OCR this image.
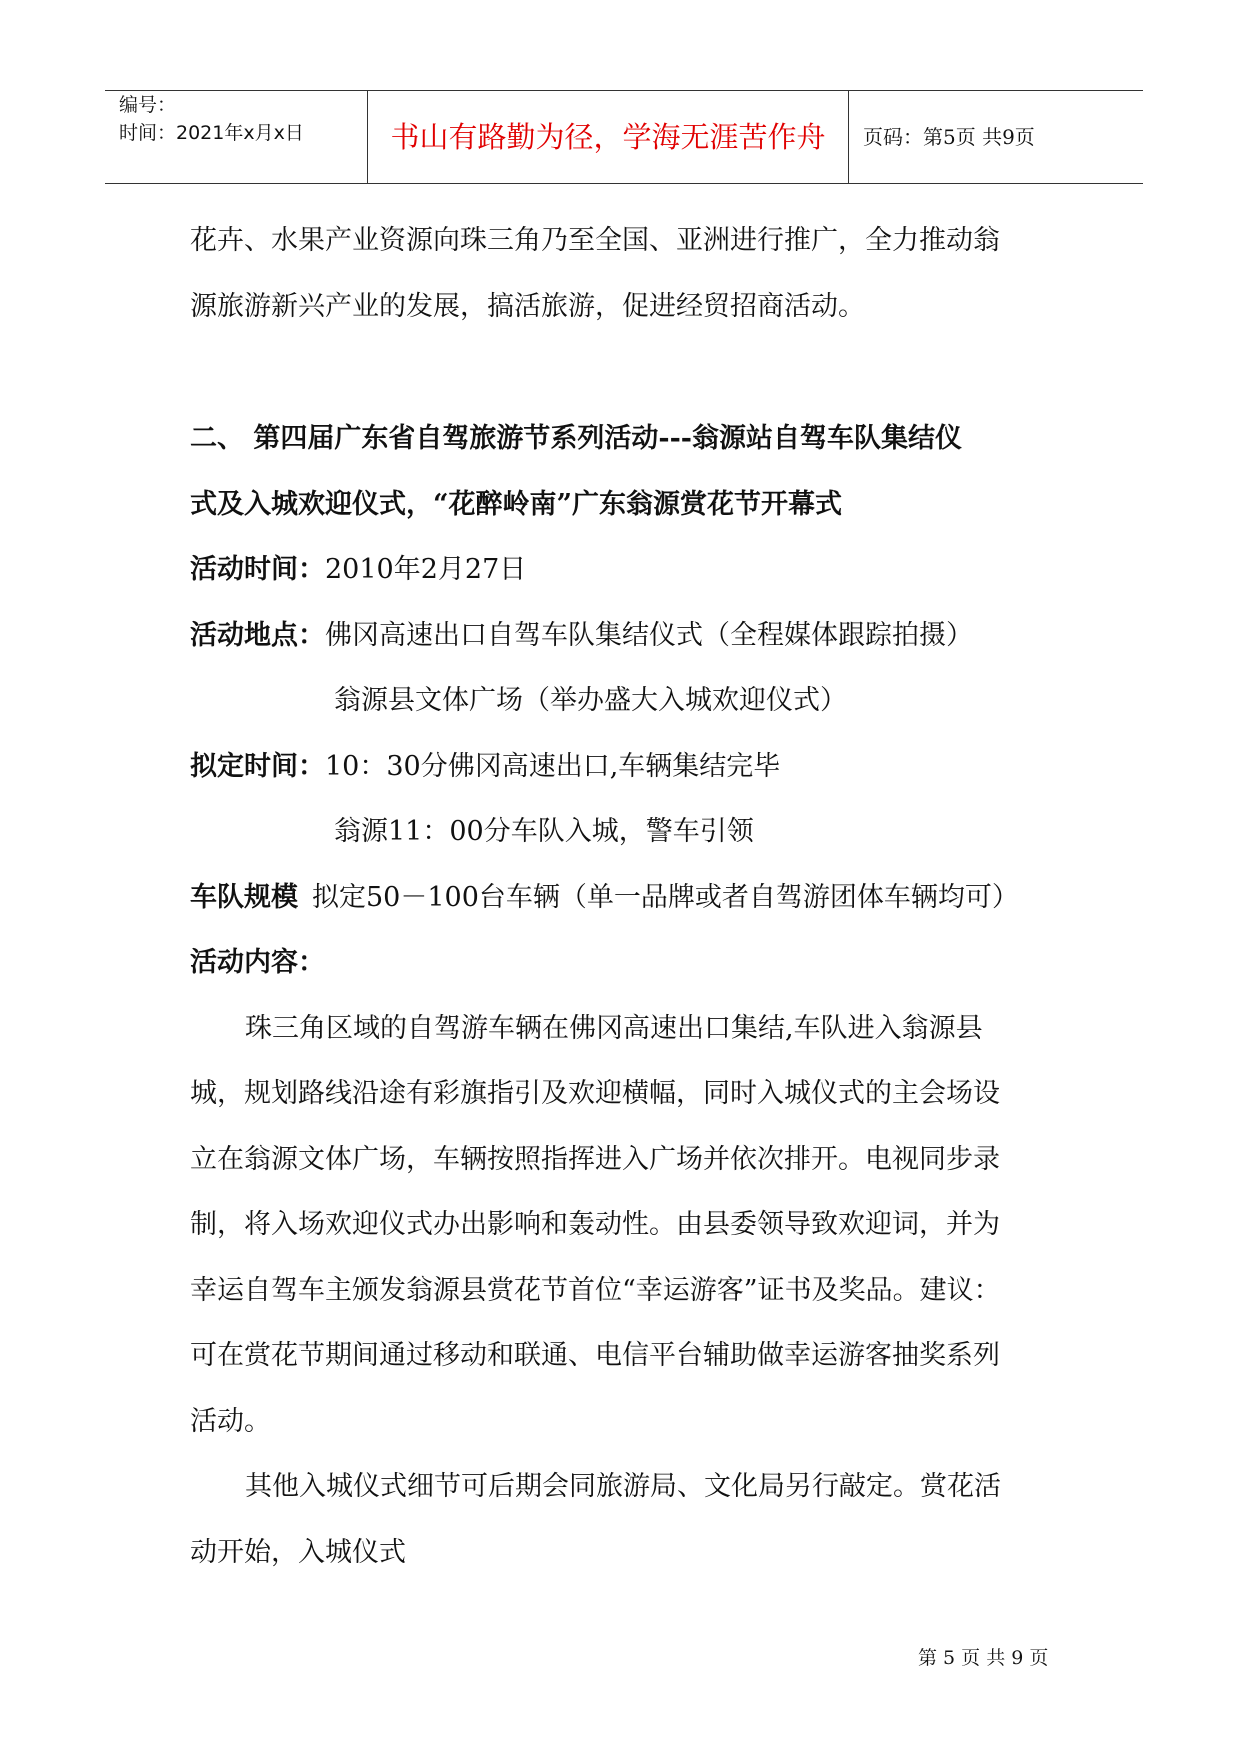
编号：
时间：2021年x月x日	书山有路勤为径，学海无涯苦作舟	页码：第5页 共9页
花卉、水果产业资源向珠三角乃至全国、亚洲进行推广，全力推动翁
源旅游新兴产业的发展，搞活旅游，促进经贸招商活动。
二、 第四届广东省自驾旅游节系列活动---翁源站自驾车队集结仪
式及入城欢迎仪式，“花醉岭南”广东翁源赏花节开幕式
活动时间：2010年2月27日
活动地点：佛冈高速出口自驾车队集结仪式（全程媒体跟踪拍摄）
翁源县文体广场（举办盛大入城欢迎仪式）
拟定时间：10：30分佛冈高速出口,车辆集结完毕
翁源11：00分车队入城，警车引领
车队规模 拟定50－100台车辆（单一品牌或者自驾游团体车辆均可）
活动内容：
珠三角区域的自驾游车辆在佛冈高速出口集结,车队进入翁源县
城，规划路线沿途有彩旗指引及欢迎横幅，同时入城仪式的主会场设
立在翁源文体广场，车辆按照指挥进入广场并依次排开。电视同步录
制，将入场欢迎仪式办出影响和轰动性。由县委领导致欢迎词，并为
幸运自驾车主颁发翁源县赏花节首位“幸运游客”证书及奖品。建议：
可在赏花节期间通过移动和联通、电信平台辅助做幸运游客抽奖系列
活动。
其他入城仪式细节可后期会同旅游局、文化局另行敲定。赏花活
动开始，入城仪式
第 5 页 共 9 页
